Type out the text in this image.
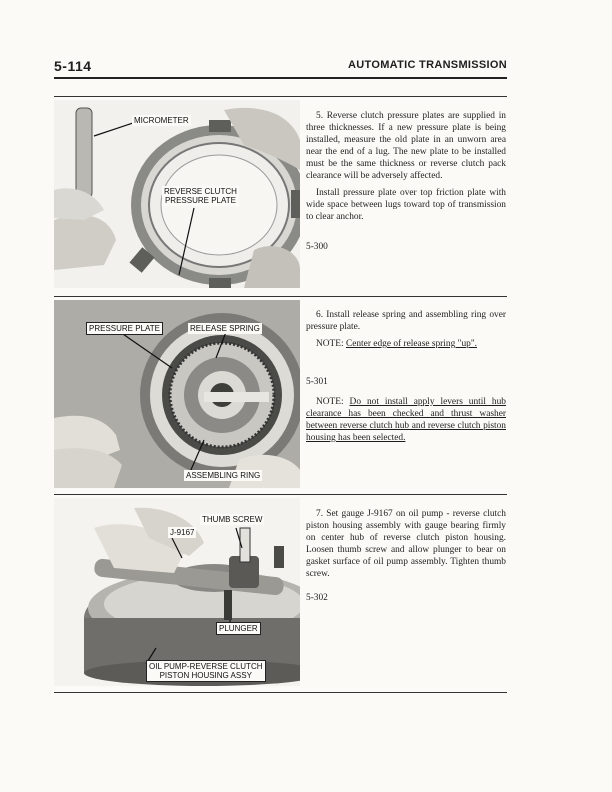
5-114	AUTOMATIC TRANSMISSION
MICROMETER
REVERSE CLUTCH
PRESSURE PLATE

5. Reverse clutch pressure plates are supplied in three thicknesses. If a new pressure plate is being installed, measure the old plate in an unworn area near the end of a lug. The new plate to be installed must be the same thickness or reverse clutch pack clearance will be adversely affected.

Install pressure plate over top friction plate with wide space between lugs toward top of transmission to clear anchor.

5-300
PRESSURE PLATE	RELEASE SPRING
ASSEMBLING RING

6. Install release spring and assembling ring over pressure plate.

NOTE: Center edge of release spring "up".

5-301

NOTE: Do not install apply levers until hub clearance has been checked and thrust washer between reverse clutch hub and reverse clutch piston housing has been selected.

THUMB SCREW
J-9167
PLUNGER
OIL PUMP-REVERSE CLUTCH
PISTON HOUSING ASSY

7. Set gauge J-9167 on oil pump - reverse clutch piston housing assembly with gauge bearing firmly on center hub of reverse clutch piston housing. Loosen thumb screw and allow plunger to bear on gasket surface of oil pump assembly. Tighten thumb screw.

5-302
